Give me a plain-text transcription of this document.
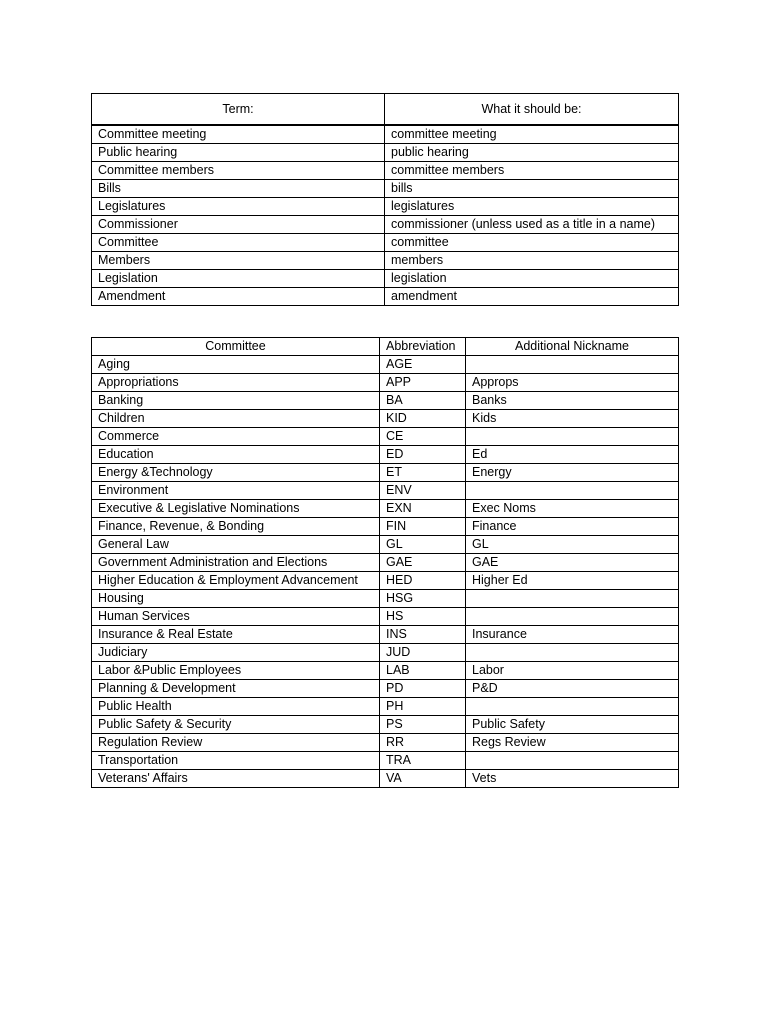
Term:	What it should be:
Committee meeting	committee meeting
Public hearing	public hearing
Committee members	committee members
Bills	bills
Legislatures	legislatures
Commissioner	commissioner (unless used as a title in a name)
Committee	committee
Members	members
Legislation	legislation
Amendment	amendment
Committee	Abbreviation	Additional Nickname
Aging	AGE	
Appropriations	APP	Approps
Banking	BA	Banks
Children	KID	Kids
Commerce	CE	
Education	ED	Ed
Energy &Technology	ET	Energy
Environment	ENV	
Executive & Legislative Nominations	EXN	Exec Noms
Finance, Revenue, & Bonding	FIN	Finance
General Law	GL	GL
Government Administration and Elections	GAE	GAE
Higher Education & Employment Advancement	HED	Higher Ed
Housing	HSG	
Human Services	HS	
Insurance & Real Estate	INS	Insurance
Judiciary	JUD	
Labor &Public Employees	LAB	Labor
Planning & Development	PD	P&D
Public Health	PH	
Public Safety & Security	PS	Public Safety
Regulation Review	RR	Regs Review
Transportation	TRA	
Veterans' Affairs	VA	Vets
